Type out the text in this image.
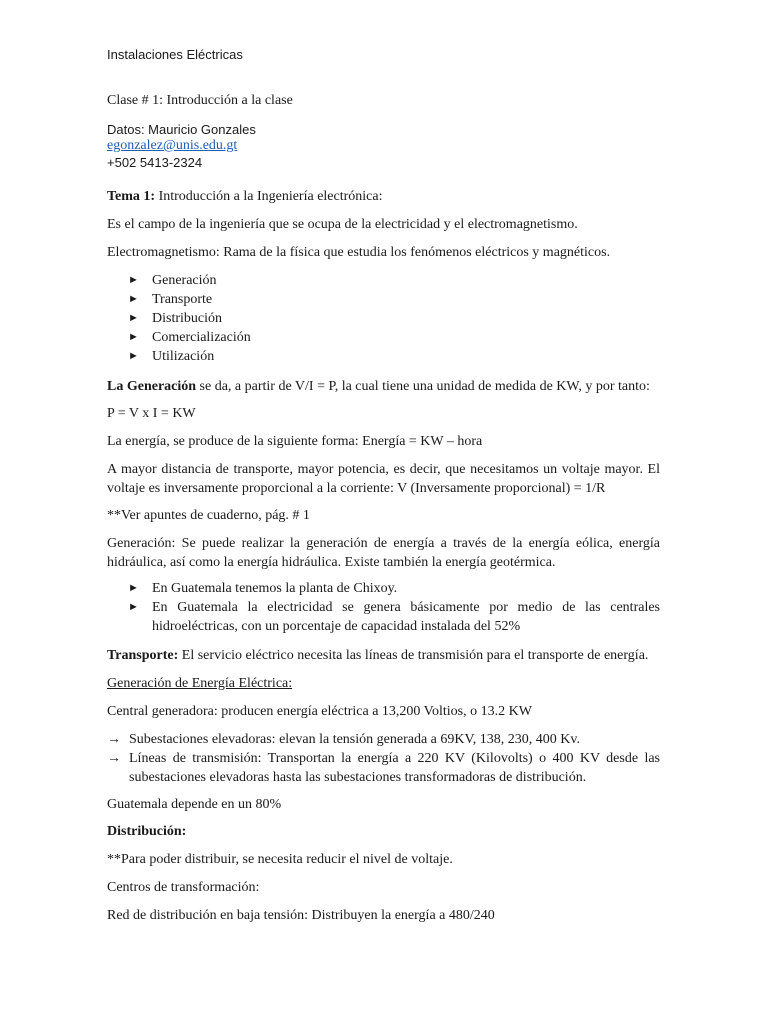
Instalaciones Eléctricas

Clase # 1: Introducción a la clase

Datos: Mauricio Gonzales

egonzalez@unis.edu.gt

+502 5413-2324

Tema 1: Introducción a la Ingeniería electrónica:

Es el campo de la ingeniería que se ocupa de la electricidad y el electromagnetismo.

Electromagnetismo: Rama de la física que estudia los fenómenos eléctricos y magnéticos.

► Generación
► Transporte
► Distribución
► Comercialización
► Utilización

La Generación se da, a partir de V/I = P, la cual tiene una unidad de medida de KW, y por tanto:

P = V x I = KW

La energía, se produce de la siguiente forma: Energía = KW – hora

A mayor distancia de transporte, mayor potencia, es decir, que necesitamos un voltaje mayor. El voltaje es inversamente proporcional a la corriente: V (Inversamente proporcional) = 1/R

**Ver apuntes de cuaderno, pág. # 1

Generación: Se puede realizar la generación de energía a través de la energía eólica, energía hidráulica, así como la energía hidráulica. Existe también la energía geotérmica.

► En Guatemala tenemos la planta de Chixoy.
► En Guatemala la electricidad se genera básicamente por medio de las centrales hidroeléctricas, con un porcentaje de capacidad instalada del 52%

Transporte: El servicio eléctrico necesita las líneas de transmisión para el transporte de energía.

Generación de Energía Eléctrica:

Central generadora: producen energía eléctrica a 13,200 Voltios, o 13.2 KW

→ Subestaciones elevadoras: elevan la tensión generada a 69KV, 138, 230, 400 Kv.
→ Líneas de transmisión: Transportan la energía a 220 KV (Kilovolts) o 400 KV desde las subestaciones elevadoras hasta las subestaciones transformadoras de distribución.

Guatemala depende en un 80%

Distribución:

**Para poder distribuir, se necesita reducir el nivel de voltaje.

Centros de transformación:

Red de distribución en baja tensión: Distribuyen la energía a 480/240
